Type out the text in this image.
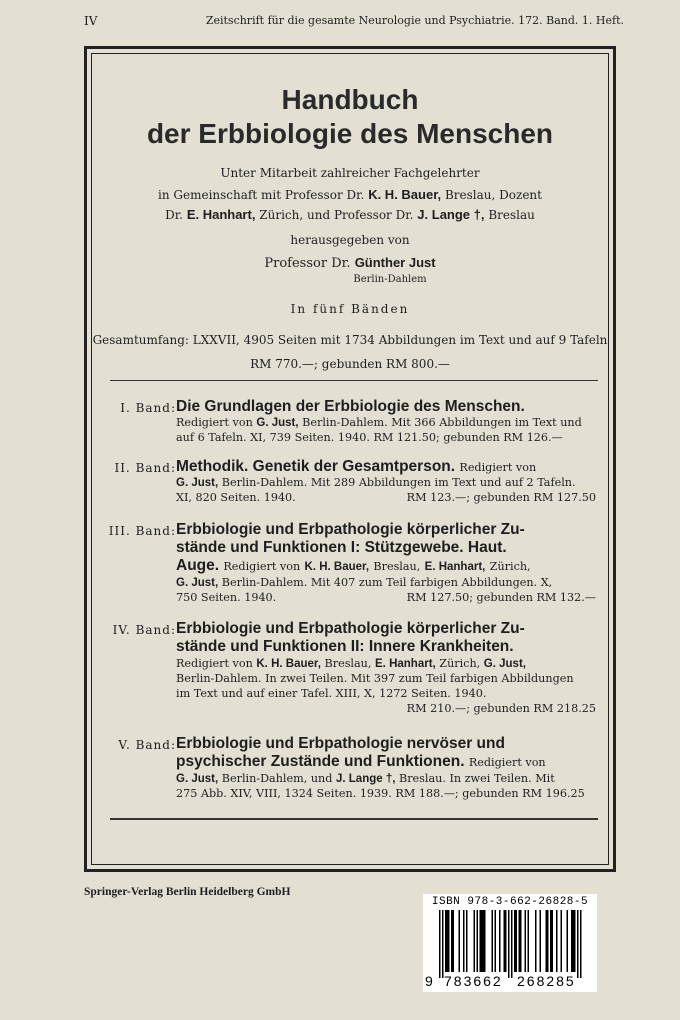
IV	Zeitschrift für die gesamte Neurologie und Psychiatrie. 172. Band. 1. Heft.
Handbuch
der Erbbiologie des Menschen
Unter Mitarbeit zahlreicher Fachgelehrter
in Gemeinschaft mit Professor Dr. K. H. Bauer, Breslau, Dozent
Dr. E. Hanhart, Zürich, und Professor Dr. J. Lange †, Breslau
herausgegeben von
Professor Dr. Günther Just
Berlin-Dahlem
In fünf Bänden
Gesamtumfang: LXXVII, 4905 Seiten mit 1734 Abbildungen im Text und auf 9 Tafeln
RM 770.—; gebunden RM 800.—
I. Band: Die Grundlagen der Erbbiologie des Menschen.
Redigiert von G. Just, Berlin-Dahlem. Mit 366 Abbildungen im Text und
auf 6 Tafeln. XI, 739 Seiten. 1940. RM 121.50; gebunden RM 126.—
II. Band: Methodik. Genetik der Gesamtperson. Redigiert von
G. Just, Berlin-Dahlem. Mit 289 Abbildungen im Text und auf 2 Tafeln.
XI, 820 Seiten. 1940.	RM 123.—; gebunden RM 127.50
III. Band: Erbbiologie und Erbpathologie körperlicher Zu-
stände und Funktionen I: Stützgewebe. Haut.
Auge. Redigiert von K. H. Bauer, Breslau, E. Hanhart, Zürich,
G. Just, Berlin-Dahlem. Mit 407 zum Teil farbigen Abbildungen. X,
750 Seiten. 1940.	RM 127.50; gebunden RM 132.—
IV. Band: Erbbiologie und Erbpathologie körperlicher Zu-
stände und Funktionen II: Innere Krankheiten.
Redigiert von K. H. Bauer, Breslau, E. Hanhart, Zürich, G. Just,
Berlin-Dahlem. In zwei Teilen. Mit 397 zum Teil farbigen Abbildungen
im Text und auf einer Tafel. XIII, X, 1272 Seiten. 1940.
RM 210.—; gebunden RM 218.25
V. Band: Erbbiologie und Erbpathologie nervöser und
psychischer Zustände und Funktionen. Redigiert von
G. Just, Berlin-Dahlem, und J. Lange †, Breslau. In zwei Teilen. Mit
275 Abb. XIV, VIII, 1324 Seiten. 1939. RM 188.—; gebunden RM 196.25
Springer-Verlag Berlin Heidelberg GmbH
ISBN 978-3-662-26828-5
9 783662 268285
